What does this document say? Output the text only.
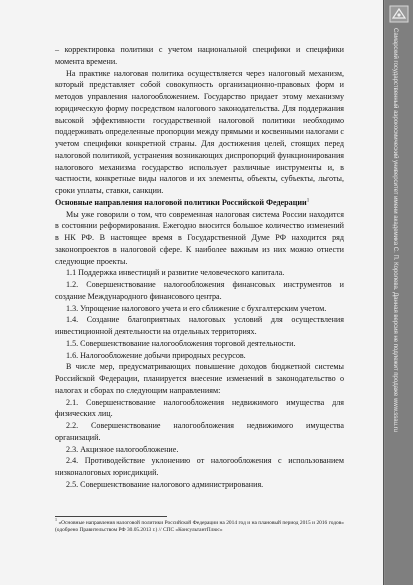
– корректировка политики с учетом национальной специфики и специфики момента времени.

На практике налоговая политика осуществляется через налоговый механизм, который представляет собой совокупность организационно-правовых форм и методов управления налогообложением. Государство придает этому механизму юридическую форму посредством налогового законодательства. Для поддержания высокой эффективности государственной налоговой политики необходимо поддерживать определенные пропорции между прямыми и косвенными налогами с учетом специфики конкретной страны. Для достижения целей, стоящих перед налоговой политикой, устранения возникающих диспропорций функционирования налогового механизма государство использует различные инструменты и, в частности, конкретные виды налогов и их элементы, объекты, субъекты, льготы, сроки уплаты, ставки, санкции.

Основные направления налоговой политики Российской Федерации$^1$

Мы уже говорили о том, что современная налоговая система России находится в состоянии реформирования. Ежегодно вносится большое количество изменений в НК РФ. В настоящее время в Государственной Думе РФ находится ряд законопроектов в налоговой сфере. К наиболее важным из них можно отнести следующие проекты.

1.1 Поддержка инвестиций и развитие человеческого капитала.

1.2. Совершенствование налогообложения финансовых инструментов и создание Международного финансового центра.

1.3. Упрощение налогового учета и его сближение с бухгалтерским учетом.

1.4. Создание благоприятных налоговых условий для осуществления инвестиционной деятельности на отдельных территориях.

1.5. Совершенствование налогообложения торговой деятельности.

1.6. Налогообложение добычи природных ресурсов.

В числе мер, предусматривающих повышение доходов бюджетной системы Российской Федерации, планируется внесение изменений в законодательство о налогах и сборах по следующим направлениям:

2.1. Совершенствование налогообложения недвижимого имущества для физических лиц.

2.2. Совершенствование налогообложения недвижимого имущества организаций.

2.3. Акцизное налогообложение.

2.4. Противодействие уклонению от налогообложения с использованием низконалоговых юрисдикций.

2.5. Совершенствование налогового администрирования.

$^1$ «Основные направления налоговой политики Российской Федерации на 2014 год и на плановый период 2015 и 2016 годов» (одобрено Правительством РФ 30.05.2013 г.) // СПС «КонсультантПлюс»
Самарский государственный аэрокосмический университет имени академика С. П. Королева. Данная версия не подлежит продаже www.ssau.ru
